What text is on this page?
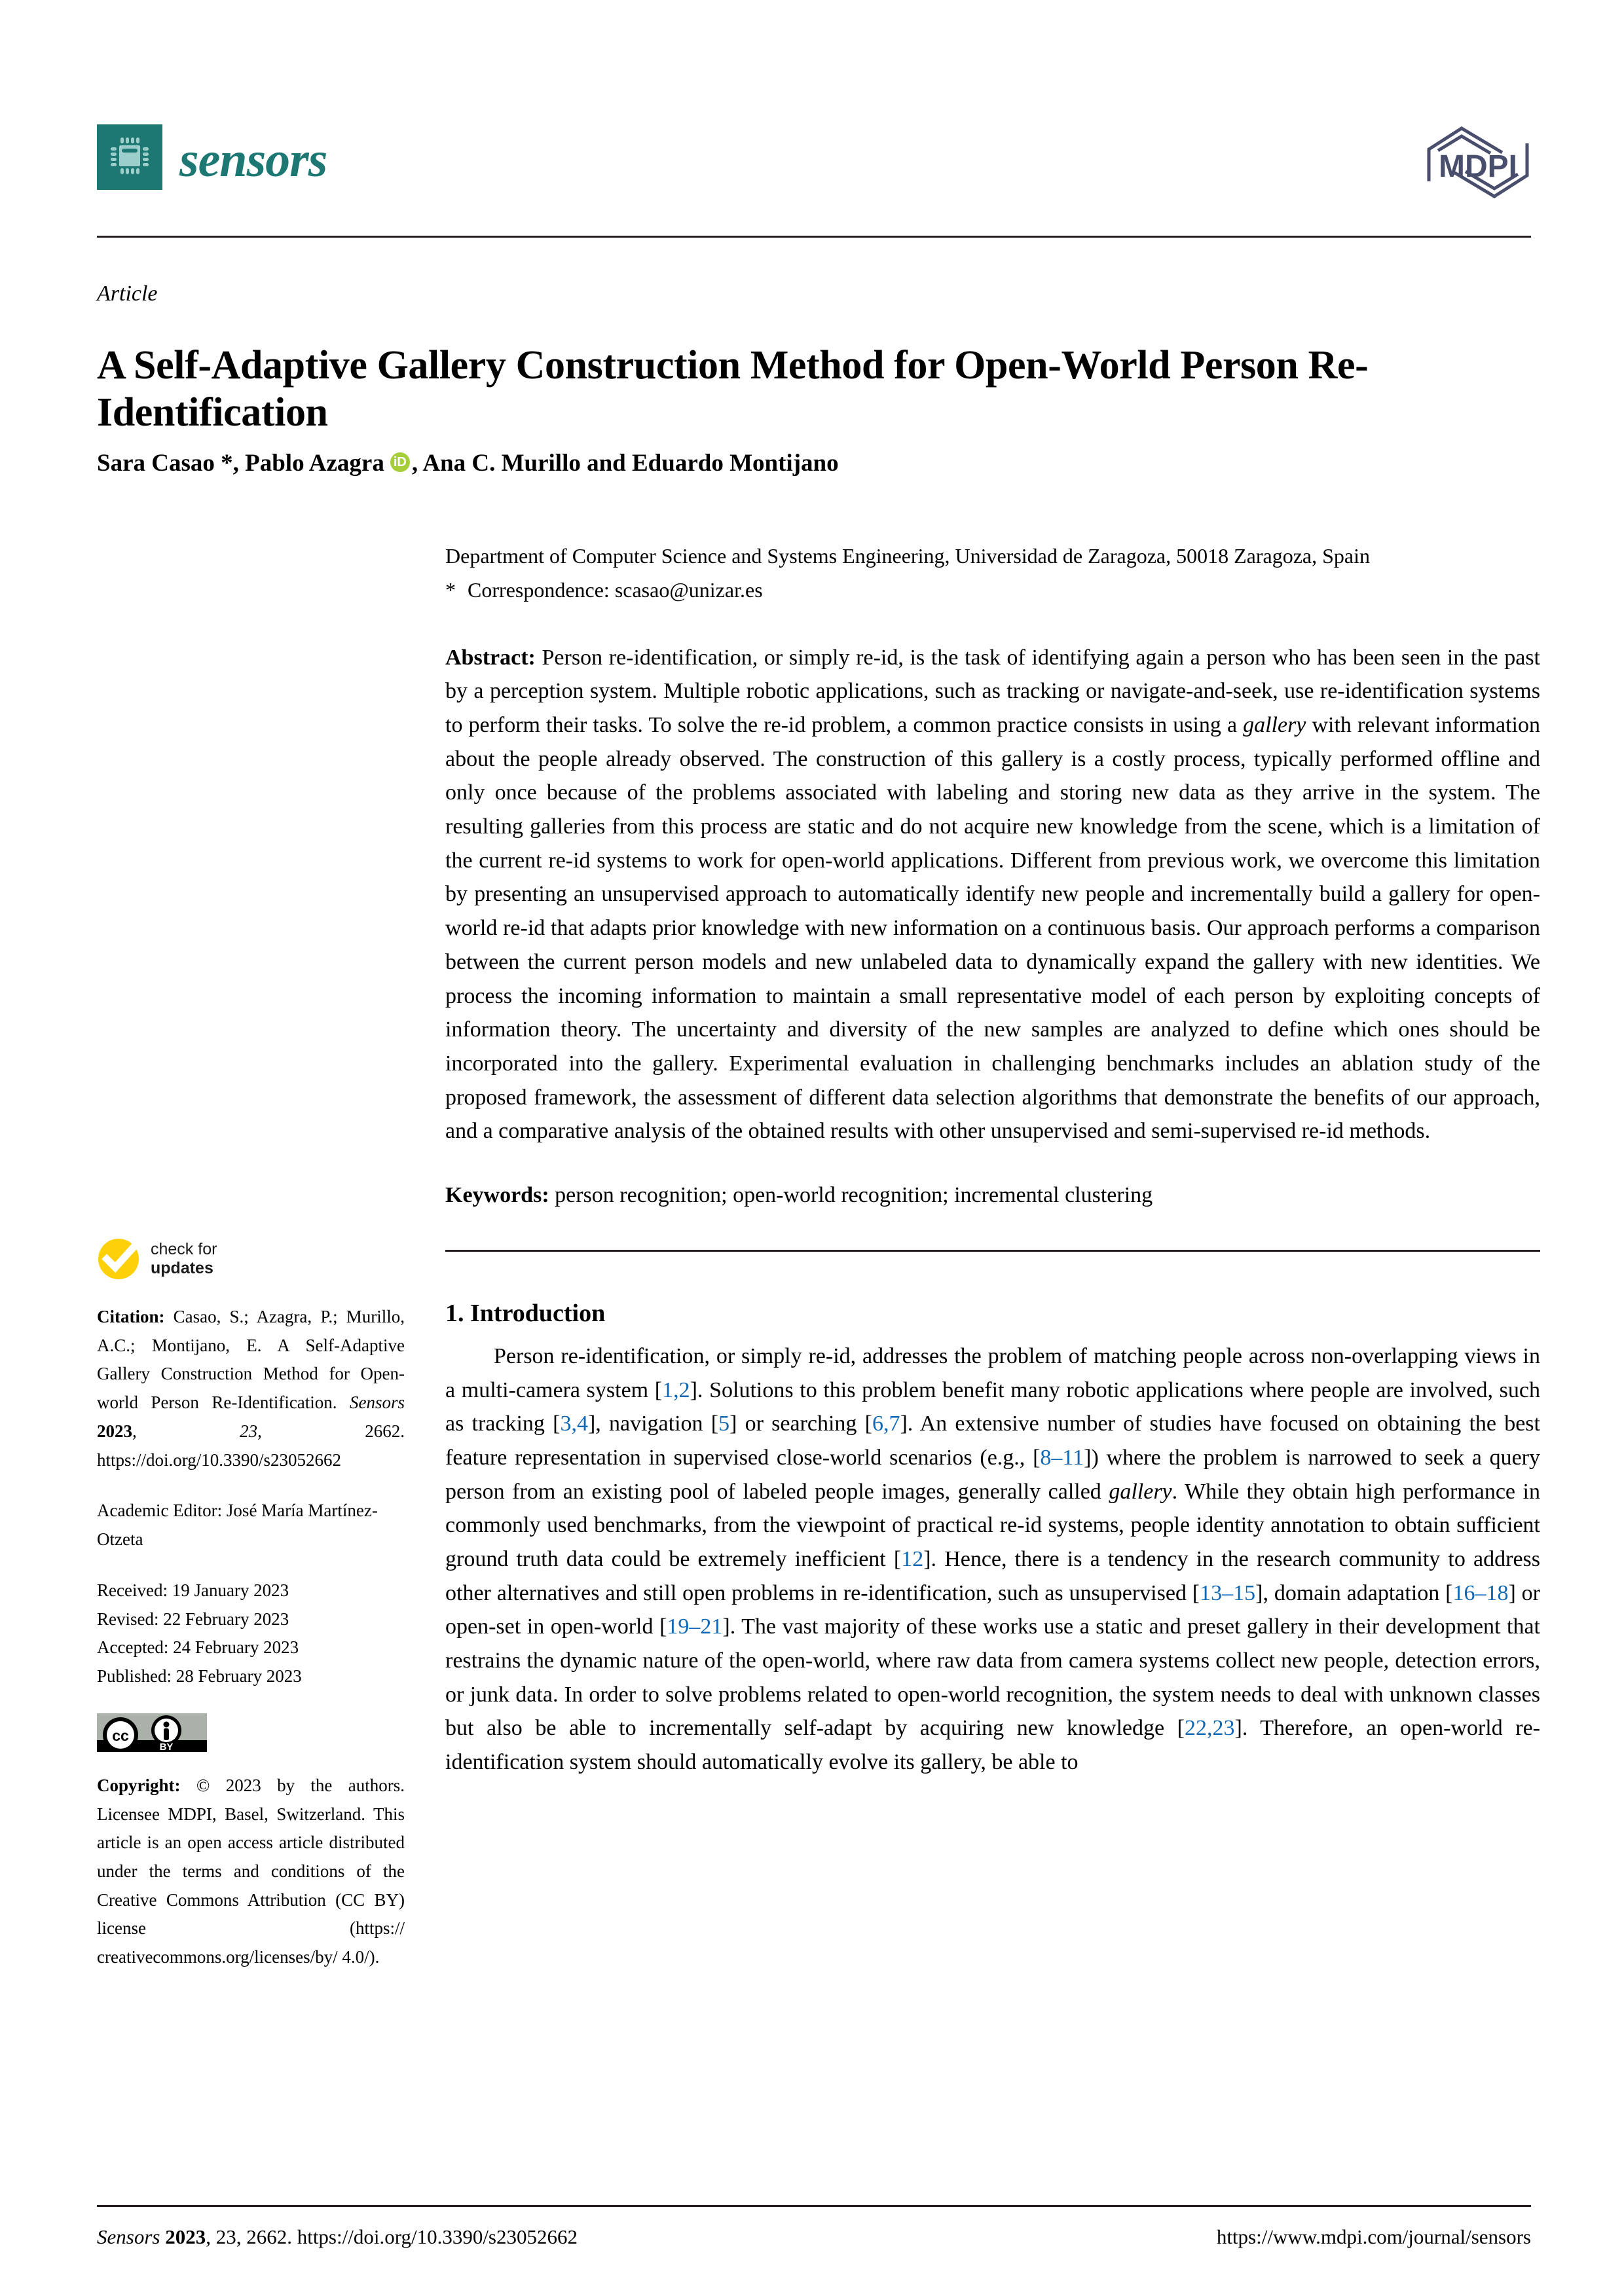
sensors	MDPI
Article
A Self-Adaptive Gallery Construction Method for Open-World Person Re-Identification
Sara Casao *, Pablo Azagra iD , Ana C. Murillo and Eduardo Montijano
check for
updates
Citation: Casao, S.; Azagra, P.; Murillo, A.C.; Montijano, E. A Self-Adaptive Gallery Construction Method for Open-world Person Re-Identification. Sensors 2023, 23, 2662. https://doi.org/10.3390/s23052662
Academic Editor: José María Martínez-Otzeta
Received: 19 January 2023
Revised: 22 February 2023
Accepted: 24 February 2023
Published: 28 February 2023
cc
BY
Copyright: © 2023 by the authors. Licensee MDPI, Basel, Switzerland. This article is an open access article distributed under the terms and conditions of the Creative Commons Attribution (CC BY) license (https:// creativecommons.org/licenses/by/ 4.0/).

Department of Computer Science and Systems Engineering, Universidad de Zaragoza, 50018 Zaragoza, Spain

* Correspondence: scasao@unizar.es

Abstract: Person re-identification, or simply re-id, is the task of identifying again a person who has been seen in the past by a perception system. Multiple robotic applications, such as tracking or navigate-and-seek, use re-identification systems to perform their tasks. To solve the re-id problem, a common practice consists in using a gallery with relevant information about the people already observed. The construction of this gallery is a costly process, typically performed offline and only once because of the problems associated with labeling and storing new data as they arrive in the system. The resulting galleries from this process are static and do not acquire new knowledge from the scene, which is a limitation of the current re-id systems to work for open-world applications. Different from previous work, we overcome this limitation by presenting an unsupervised approach to automatically identify new people and incrementally build a gallery for open-world re-id that adapts prior knowledge with new information on a continuous basis. Our approach performs a comparison between the current person models and new unlabeled data to dynamically expand the gallery with new identities. We process the incoming information to maintain a small representative model of each person by exploiting concepts of information theory. The uncertainty and diversity of the new samples are analyzed to define which ones should be incorporated into the gallery. Experimental evaluation in challenging benchmarks includes an ablation study of the proposed framework, the assessment of different data selection algorithms that demonstrate the benefits of our approach, and a comparative analysis of the obtained results with other unsupervised and semi-supervised re-id methods.
Keywords: person recognition; open-world recognition; incremental clustering
1. Introduction

Person re-identification, or simply re-id, addresses the problem of matching people across non-overlapping views in a multi-camera system [1,2]. Solutions to this problem benefit many robotic applications where people are involved, such as tracking [3,4], navigation [5] or searching [6,7]. An extensive number of studies have focused on obtaining the best feature representation in supervised close-world scenarios (e.g., [8–11]) where the problem is narrowed to seek a query person from an existing pool of labeled people images, generally called gallery. While they obtain high performance in commonly used benchmarks, from the viewpoint of practical re-id systems, people identity annotation to obtain sufficient ground truth data could be extremely inefficient [12]. Hence, there is a tendency in the research community to address other alternatives and still open problems in re-identification, such as unsupervised [13–15], domain adaptation [16–18] or open-set in open-world [19–21]. The vast majority of these works use a static and preset gallery in their development that restrains the dynamic nature of the open-world, where raw data from camera systems collect new people, detection errors, or junk data. In order to solve problems related to open-world recognition, the system needs to deal with unknown classes but also be able to incrementally self-adapt by acquiring new knowledge [22,23]. Therefore, an open-world re-identification system should automatically evolve its gallery, be able to

Sensors 2023, 23, 2662. https://doi.org/10.3390/s23052662	https://www.mdpi.com/journal/sensors
